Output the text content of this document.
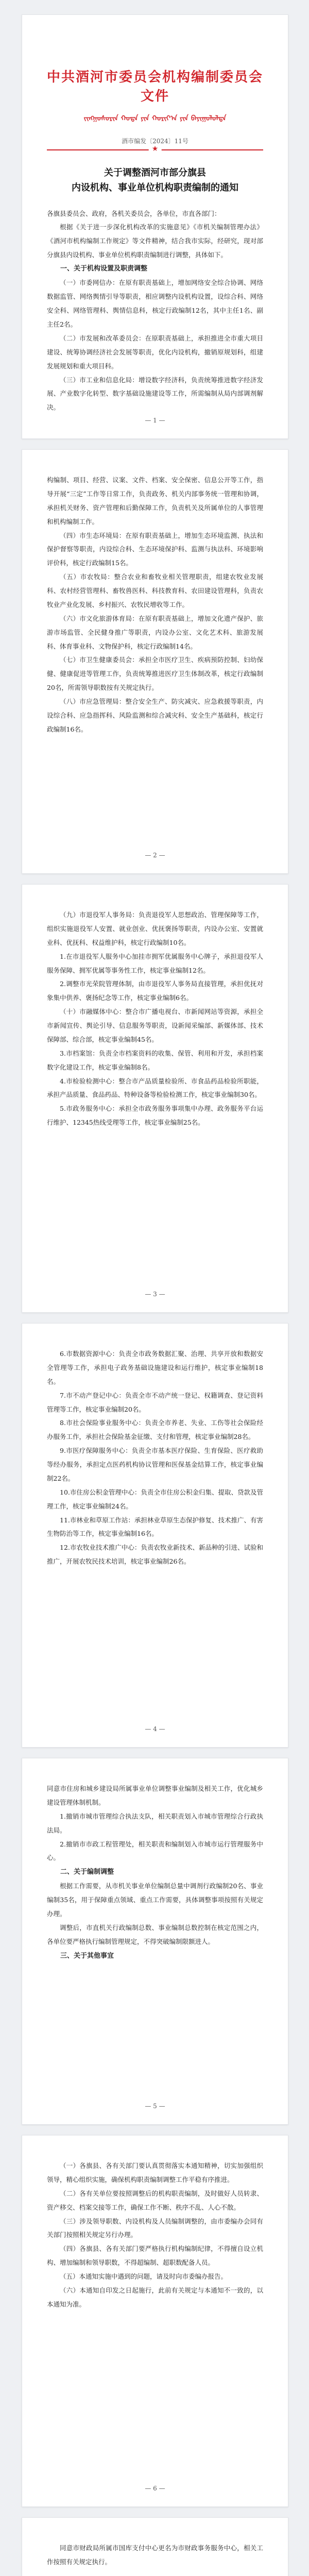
中共酒河市委员会机构编制委员会文件
ᠵᠢᠩᠭᠣᠰᠣᠷᠢᠨ ᠬᠣᠲᠠ ᠶᠢᠨ ᠬᠣᠷᠢᠶ᠎ᠠ ᠶᠢᠨ ᠪᠠᠶᠢᠭᠤᠯᠤᠯᠲᠠ
酒市编发〔2024〕11号
★
关于调整酒河市部分旗县
内设机构、事业单位机构职责编制的通知
各旗县委员会、政府，各机关委员会，各单位，市直各部门：

根据《关于进一步深化机构改革的实施意见》《市机关编制管理办法》《酒河市机构编制工作规定》等文件精神，结合我市实际，经研究，现对部分旗县内设机构、事业单位机构职责编制进行调整，具体如下。

一、关于机构设置及职责调整

（一）市委网信办：在原有职责基础上，增加网络安全综合协调、网络数据监管、网络舆情引导等职责，相应调整内设机构设置，设综合科、网络安全科、网络管理科、舆情信息科，核定行政编制12名，其中主任1名、副主任2名。

（二）市发展和改革委员会：在原职责基础上，承担推进全市重大项目建设、统筹协调经济社会发展等职责，优化内设机构，撤销原规划科，组建发展规划和重大项目科。

（三）市工业和信息化局：增设数字经济科，负责统筹推进数字经济发展、产业数字化转型、数字基础设施建设等工作，所需编制从局内部调剂解决。

— 1 —

构编制、项目、经营、议案、文件、档案、安全保密、信息公开等工作，指导开展“三定”工作等日常工作，负责政务、机关内部事务统一管理和协调，承担机关财务、资产管理和后勤保障工作，负责机关及所属单位的人事管理和机构编制工作。

（四）市生态环境局：在原有职责基础上，增加生态环境监测、执法和保护督察等职责，内设综合科、生态环境保护科、监测与执法科、环境影响评价科，核定行政编制15名。

（五）市农牧局：整合农业和畜牧业相关管理职责，组建农牧业发展科、农村经营管理科、畜牧兽医科、科技教育科、农田建设管理科，负责农牧业产业化发展、乡村振兴、农牧民增收等工作。

（六）市文化旅游体育局：在原有职责基础上，增加文化遗产保护、旅游市场监管、全民健身推广等职责，内设办公室、文化艺术科、旅游发展科、体育事业科、文物保护科，核定行政编制14名。

（七）市卫生健康委员会：承担全市医疗卫生、疾病预防控制、妇幼保健、健康促进等管理工作，负责统筹推进医疗卫生体制改革，核定行政编制20名，所需领导职数按有关规定执行。

（八）市应急管理局：整合安全生产、防灾减灾、应急救援等职责，内设综合科、应急指挥科、风险监测和综合减灾科、安全生产基础科，核定行政编制16名。

— 2 —

（九）市退役军人事务局：负责退役军人思想政治、管理保障等工作，组织实施退役军人安置、就业创业、优抚褒扬等职责，内设办公室、安置就业科、优抚科、权益维护科，核定行政编制10名。

1.在市退役军人服务中心加挂市拥军优属服务中心牌子，承担退役军人服务保障、拥军优属等事务性工作，核定事业编制12名。

2.调整市光荣院管理体制，由市退役军人事务局直接管理，承担优抚对象集中供养、褒扬纪念等工作，核定事业编制6名。

（十）市融媒体中心：整合市广播电视台、市新闻网站等资源，承担全市新闻宣传、舆论引导、信息服务等职责，设新闻采编部、新媒体部、技术保障部、综合部，核定事业编制45名。

3.市档案馆：负责全市档案资料的收集、保管、利用和开发，承担档案数字化建设工作，核定事业编制8名。

4.市检验检测中心：整合市产品质量检验所、市食品药品检验所职能，承担产品质量、食品药品、特种设备等检验检测工作，核定事业编制30名。

5.市政务服务中心：承担全市政务服务事项集中办理、政务服务平台运行维护、12345热线受理等工作，核定事业编制25名。

— 3 —

6.市数据资源中心：负责全市政务数据汇聚、治理、共享开放和数据安全管理等工作，承担电子政务基础设施建设和运行维护，核定事业编制18名。

7.市不动产登记中心：负责全市不动产统一登记、权籍调查、登记资料管理等工作，核定事业编制20名。

8.市社会保险事业服务中心：负责全市养老、失业、工伤等社会保险经办服务工作，承担社会保险基金征缴、支付和管理，核定事业编制28名。

9.市医疗保障服务中心：负责全市基本医疗保险、生育保险、医疗救助等经办服务，承担定点医药机构协议管理和医保基金结算工作，核定事业编制22名。

10.市住房公积金管理中心：负责全市住房公积金归集、提取、贷款及管理工作，核定事业编制24名。

11.市林业和草原工作站：承担林业草原生态保护修复、技术推广、有害生物防治等工作，核定事业编制16名。

12.市农牧业技术推广中心：负责农牧业新技术、新品种的引进、试验和推广，开展农牧民技术培训，核定事业编制26名。

— 4 —

同意市住房和城乡建设局所属事业单位调整事业编制及相关工作，优化城乡建设管理体制机制。

1.撤销市城市管理综合执法支队，相关职责划入市城市管理综合行政执法局。

2.撤销市市政工程管理处，相关职责和编制划入市城市运行管理服务中心。

二、关于编制调整

根据工作需要，从市机关事业单位编制总量中调剂行政编制20名、事业编制35名，用于保障重点领域、重点工作需要，具体调整事项按照有关规定办理。

调整后，市直机关行政编制总数、事业编制总数控制在核定范围之内，各单位要严格执行编制管理规定，不得突破编制限额进人。

三、关于其他事宜

— 5 —

（一）各旗县、各有关部门要认真贯彻落实本通知精神，切实加强组织领导，精心组织实施，确保机构职责编制调整工作平稳有序推进。

（二）各有关单位要按照调整后的机构职责编制，及时做好人员转隶、资产移交、档案交接等工作，确保工作不断、秩序不乱、人心不散。

（三）涉及领导职数、内设机构及人员编制调整的，由市委编办会同有关部门按照相关规定另行办理。

（四）各旗县、各有关部门要严格执行机构编制纪律，不得擅自设立机构、增加编制和领导职数，不得超编制、超职数配备人员。

（五）本通知实施中遇到的问题，请及时向市委编办报告。

（六）本通知自印发之日起施行，此前有关规定与本通知不一致的，以本通知为准。

— 6 —

同意市财政局所属市国库支付中心更名为市财政事务服务中心，相关工作按照有关规定执行。
